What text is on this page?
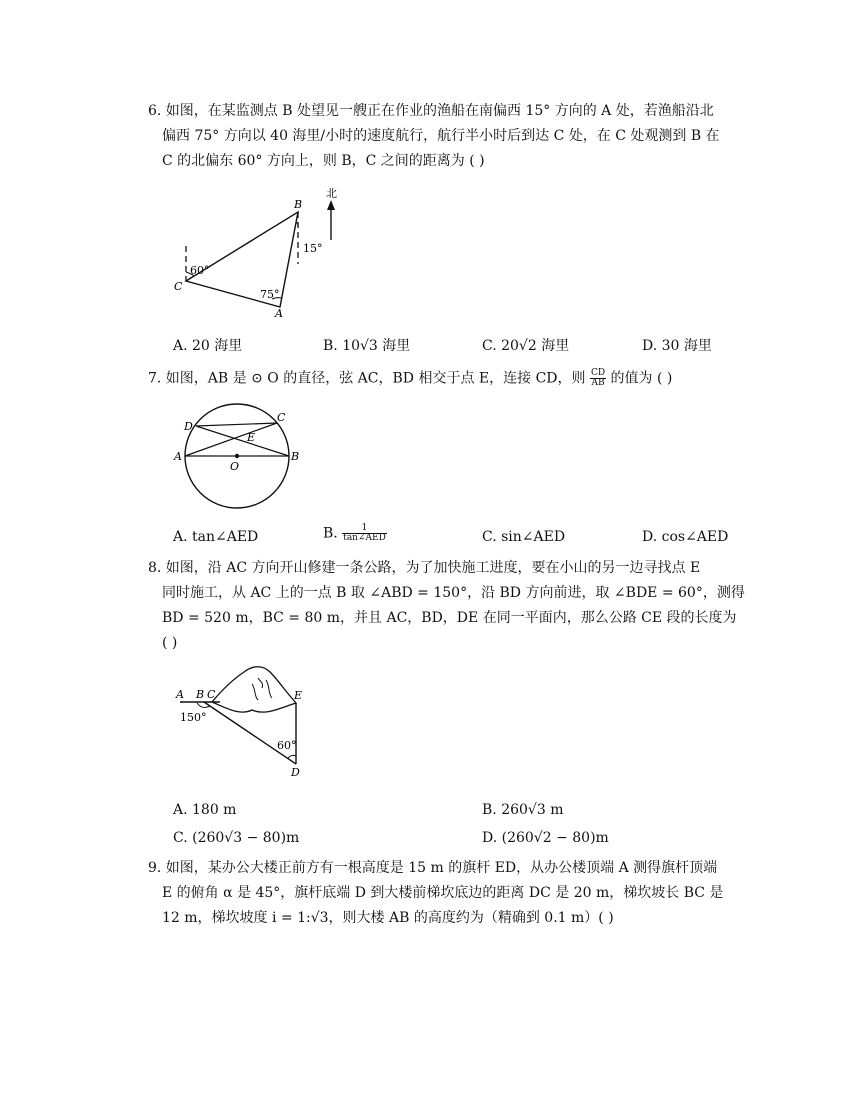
6. 如图，在某监测点 B 处望见一艘正在作业的渔船在南偏西 15° 方向的 A 处，若渔船沿北
偏西 75° 方向以 40 海里/小时的速度航行，航行半小时后到达 C 处，在 C 处观测到 B 在
C 的北偏东 60° 方向上，则 B，C 之间的距离为 ( )
北
B
C
A
60°
75°
15°
A. 20 海里	B. 10√3 海里	C. 20√2 海里	D. 30 海里
7. 如图，AB 是 ⊙ O 的直径，弦 AC，BD 相交于点 E，连接 CD，则 $\frac{CD}{AB}$ 的值为 ( )
D
C
E
A
O
B
A. tan∠AED	B. $\frac{1}{\text{tan∠AED}}$	C. sin∠AED	D. cos∠AED
8. 如图，沿 AC 方向开山修建一条公路，为了加快施工进度，要在小山的另一边寻找点 E
同时施工，从 AC 上的一点 B 取 ∠ABD = 150°，沿 BD 方向前进，取 ∠BDE = 60°，测得
BD = 520 m，BC = 80 m，并且 AC，BD，DE 在同一平面内，那么公路 CE 段的长度为
( )
A B C	E
D
150°
60°
A. 180 m	B. 260√3 m
C. (260√3 − 80)m	D. (260√2 − 80)m
9. 如图，某办公大楼正前方有一根高度是 15 m 的旗杆 ED，从办公楼顶端 A 测得旗杆顶端
E 的俯角 α 是 45°，旗杆底端 D 到大楼前梯坎底边的距离 DC 是 20 m，梯坎坡长 BC 是
12 m，梯坎坡度 i = 1:√3，则大楼 AB 的高度约为（精确到 0.1 m）( )
